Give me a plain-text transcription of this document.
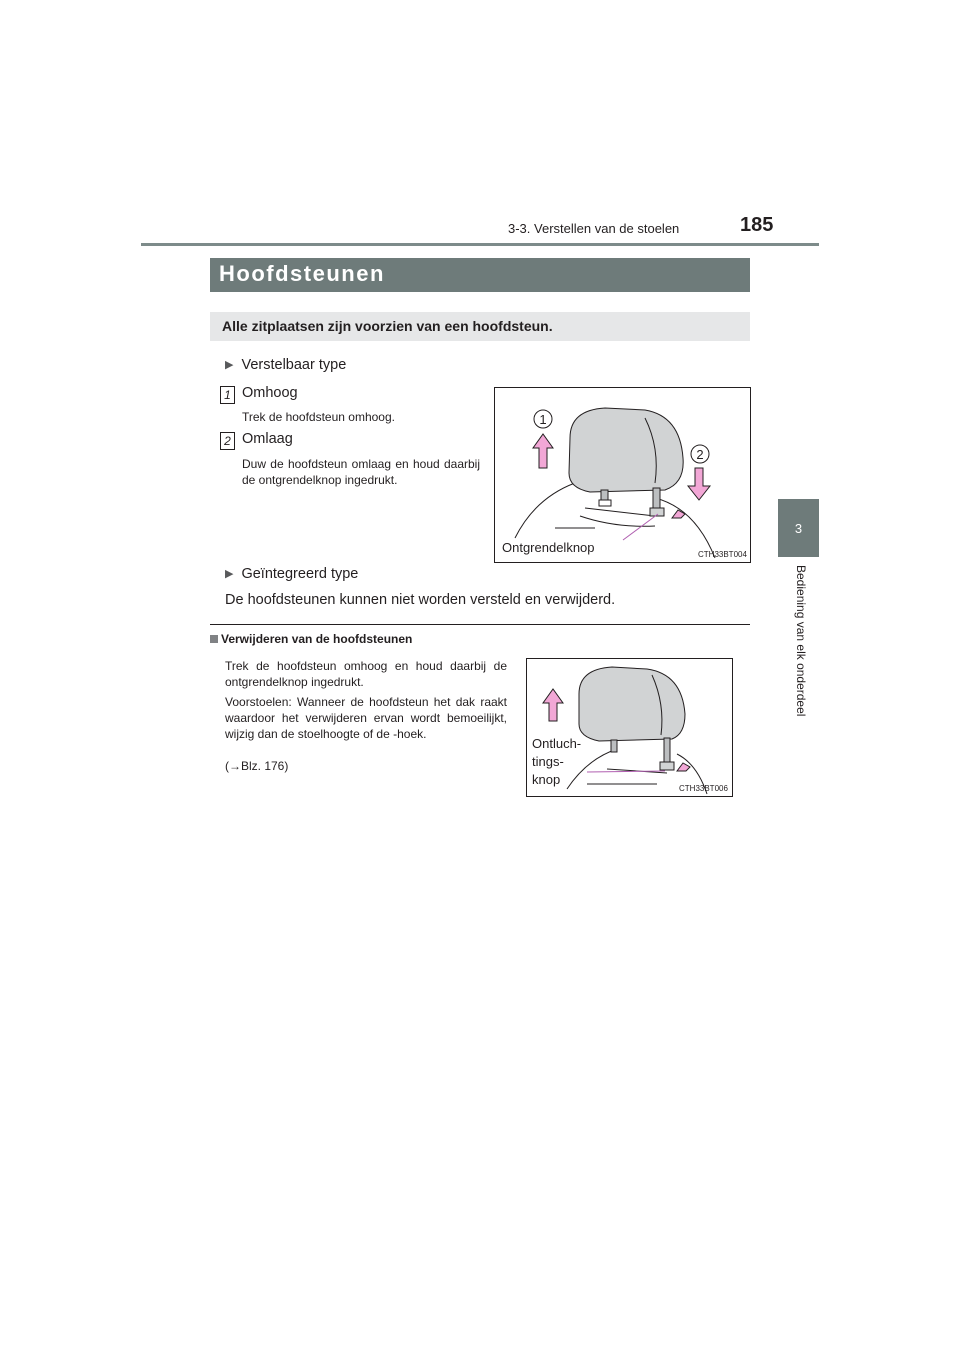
3-3. Verstellen van de stoelen	185
3
Bediening van elk onderdeel
Hoofdsteunen
Alle zitplaatsen zijn voorzien van een hoofdsteun.
▶ Verstelbaar type
1 Omhoog
Trek de hoofdsteun omhoog.
2 Omlaag
Duw de hoofdsteun omlaag en houd daarbij de ontgrendelknop ingedrukt.
1
2
Ontgrendelknop	CTH33BT004
▶ Geïntegreerd type
De hoofdsteunen kunnen niet worden versteld en verwijderd.
Verwijderen van de hoofdsteunen
Trek de hoofdsteun omhoog en houd daarbij de ontgrendelknop ingedrukt.
Voorstoelen: Wanneer de hoofdsteun het dak raakt waardoor het verwijderen ervan wordt bemoeilijkt, wijzig dan de stoelhoogte of de -hoek.
(→Blz. 176)
Ontluch-
tings-
knop
CTH33BT006
